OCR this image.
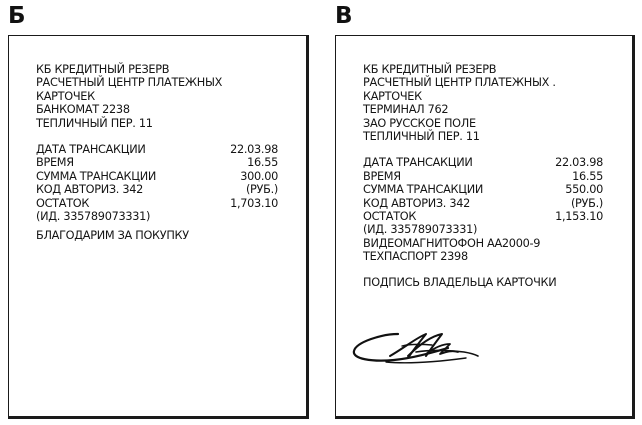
Б
КБ КРЕДИТНЫЙ РЕЗЕРВ
РАСЧЕТНЫЙ ЦЕНТР ПЛАТЕЖНЫХ
КАРТОЧЕК
БАНКОМАТ 2238
ТЕПЛИЧНЫЙ ПЕР. 11
ДАТА ТРАНСАКЦИИ	22.03.98
ВРЕМЯ	16.55
СУММА ТРАНСАКЦИИ	300.00
КОД АВТОРИЗ. 342	(РУБ.)
ОСТАТОК	1,703.10
(ИД. 335789073331)
БЛАГОДАРИМ ЗА ПОКУПКУ
В
КБ КРЕДИТНЫЙ РЕЗЕРВ
РАСЧЕТНЫЙ ЦЕНТР ПЛАТЕЖНЫХ .
КАРТОЧЕК
ТЕРМИНАЛ 762
ЗАО РУССКОЕ ПОЛЕ
ТЕПЛИЧНЫЙ ПЕР. 11
ДАТА ТРАНСАКЦИИ	22.03.98
ВРЕМЯ	16.55
СУММА ТРАНСАКЦИИ	550.00
КОД АВТОРИЗ. 342	(РУБ.)
ОСТАТОК	1,153.10
(ИД. 335789073331)
ВИДЕОМАГНИТОФОН АА2000-9
ТЕХПАСПОРТ 2398
ПОДПИСЬ ВЛАДЕЛЬЦА КАРТОЧКИ
